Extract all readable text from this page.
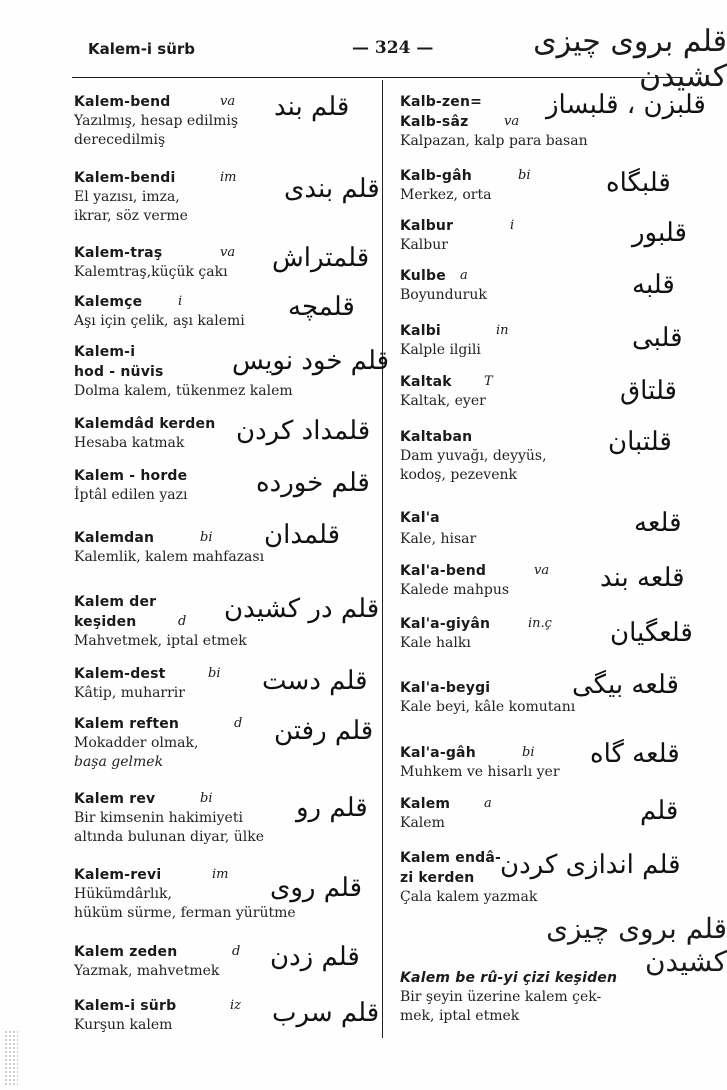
Kalem-i sürb	— 324 —	قلم بروى چيزى كشيدن
Kalem-bend	va
Yazılmış, hesap edilmiş
derecedilmiş
قلم بند
Kalem-bendi	im
El yazısı, imza,
ikrar, söz verme
قلم بندى
Kalem-traş	va
Kalemtraş,küçük çakı	قلمتراش
Kalemçe	i
Aşı için çelik, aşı kalemi	قلمچه
Kalem-i
hod - nüvis
Dolma kalem, tükenmez kalem
قلم خود نويس
Kalemdâd kerden
Hesaba katmak	قلمداد كردن
Kalem - horde
İptâl edilen yazı	قلم خورده
Kalemdan	bi
Kalemlik, kalem mahfazası
قلمدان
Kalem der
keşiden	d
Mahvetmek, iptal etmek
قلم در كشيدن
Kalem-dest	bi
Kâtip, muharrir	قلم دست
Kalem reften	d
Mokadder olmak,
başa gelmek
قلم رفتن
Kalem rev	bi
Bir kimsenin hakimiyeti
altında bulunan diyar, ülke
قلم رو
Kalem-revi	im
Hükümdârlık,
hüküm sürme, ferman yürütme
قلم روى
Kalem zeden	d
Yazmak, mahvetmek	قلم زدن
Kalem-i sürb	iz
Kurşun kalem	قلم سرب
Kalb-zen=
Kalb-sâz	va
Kalpazan, kalp para basan
قلبزن ، قلبساز
Kalb-gâh	bi
Merkez, orta	قلبگاه
Kalbur	i
Kalbur	قلبور
Kulbe	a
Boyunduruk	قلبه
Kalbi	in
Kalple ilgili	قلبى
Kaltak	T
Kaltak, eyer	قلتاق
Kaltaban
Dam yuvağı, deyyüs,
kodoş, pezevenk
قلتبان
Kal'a
Kale, hisar
قلعه
Kal'a-bend	va
Kalede mahpus	قلعه بند
Kal'a-giyân	in.ç
Kale halkı	قلعگيان
Kal'a-beygi
Kale beyi, kâle komutanı
قلعه بيگى
Kal'a-gâh	bi
Muhkem ve hisarlı yer
قلعه گاه
Kalem	a
Kalem	قلم
Kalem endâ-
zi kerden
Çala kalem yazmak
قلم اندازى كردن
قلم بروى چيزى كشيدن
Kalem be rû-yi çizi keşiden
Bir şeyin üzerine kalem çek-
mek, iptal etmek
